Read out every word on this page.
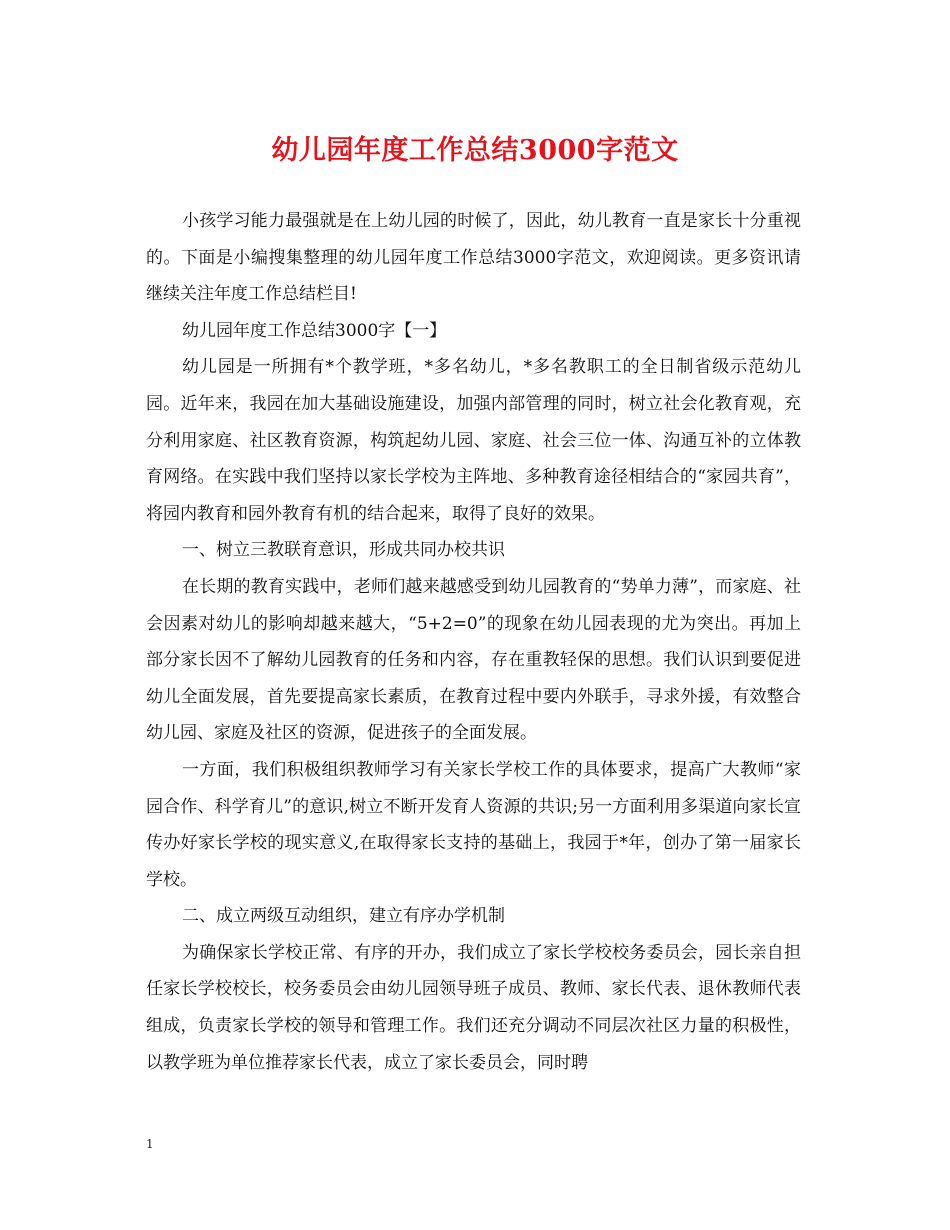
幼儿园年度工作总结3000字范文

小孩学习能力最强就是在上幼儿园的时候了，因此，幼儿教育一直是家长十分重视的。下面是小编搜集整理的幼儿园年度工作总结3000字范文，欢迎阅读。更多资讯请继续关注年度工作总结栏目!

幼儿园年度工作总结3000字【一】

幼儿园是一所拥有*个教学班，*多名幼儿，*多名教职工的全日制省级示范幼儿园。近年来，我园在加大基础设施建设，加强内部管理的同时，树立社会化教育观，充分利用家庭、社区教育资源，构筑起幼儿园、家庭、社会三位一体、沟通互补的立体教育网络。在实践中我们坚持以家长学校为主阵地、多种教育途径相结合的“家园共育”，将园内教育和园外教育有机的结合起来，取得了良好的效果。

一、树立三教联育意识，形成共同办校共识

在长期的教育实践中，老师们越来越感受到幼儿园教育的“势单力薄”，而家庭、社会因素对幼儿的影响却越来越大，“5+2=0”的现象在幼儿园表现的尤为突出。再加上部分家长因不了解幼儿园教育的任务和内容，存在重教轻保的思想。我们认识到要促进幼儿全面发展，首先要提高家长素质，在教育过程中要内外联手，寻求外援，有效整合幼儿园、家庭及社区的资源，促进孩子的全面发展。

一方面，我们积极组织教师学习有关家长学校工作的具体要求，提高广大教师“家园合作、科学育儿”的意识,树立不断开发育人资源的共识;另一方面利用多渠道向家长宣传办好家长学校的现实意义,在取得家长支持的基础上，我园于*年，创办了第一届家长学校。

二、成立两级互动组织，建立有序办学机制

为确保家长学校正常、有序的开办，我们成立了家长学校校务委员会，园长亲自担任家长学校校长，校务委员会由幼儿园领导班子成员、教师、家长代表、退休教师代表组成，负责家长学校的领导和管理工作。我们还充分调动不同层次社区力量的积极性，以教学班为单位推荐家长代表，成立了家长委员会，同时聘

1
